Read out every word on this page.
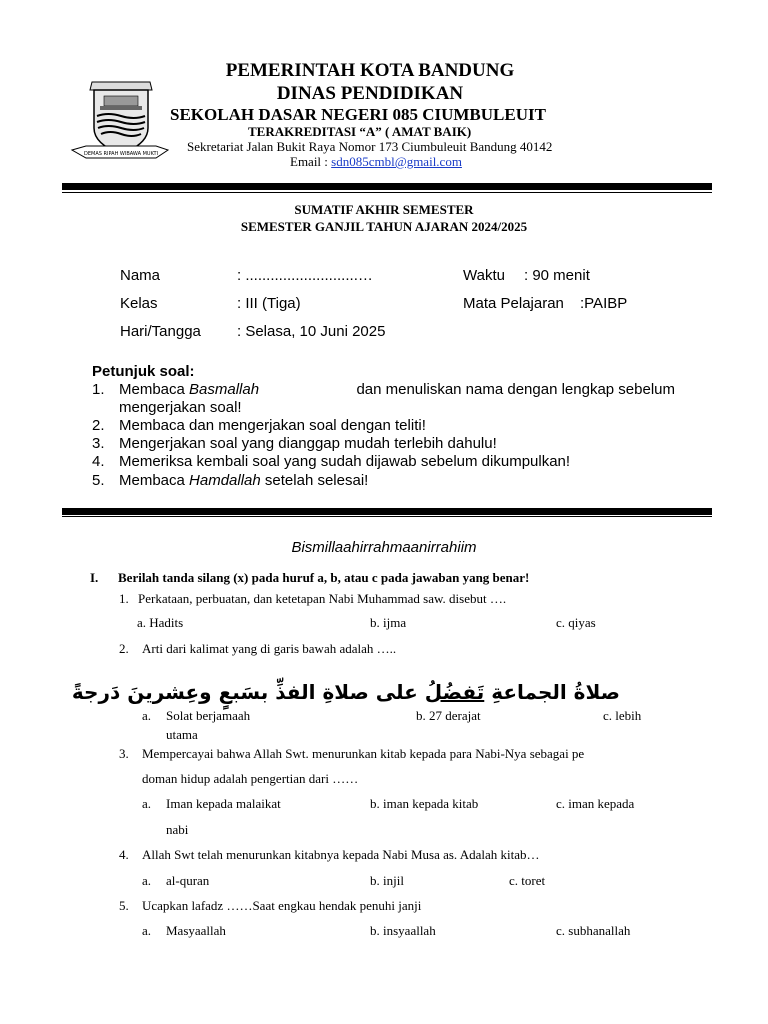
DEMAS RIPAH WIBAWA MUKTI
PEMERINTAH KOTA BANDUNG
DINAS PENDIDIKAN
SEKOLAH DASAR NEGERI 085 CIUMBULEUIT
TERAKREDITASI “A” ( AMAT BAIK)
Sekretariat Jalan Bukit Raya Nomor 173 Ciumbuleuit Bandung 40142
Email : sdn085cmbl@gmail.com
SUMATIF AKHIR SEMESTER
SEMESTER GANJIL TAHUN AJARAN 2024/2025
Nama	: ...........................…	Waktu : 90 menit
Kelas	: III (Tiga)	Mata Pelajaran :PAIBP
Hari/Tangga : Selasa, 10 Juni 2025
Petunjuk soal:
1. Membaca Basmallah	dan menuliskan nama dengan lengkap sebelum
mengerjakan soal!
2. Membaca dan mengerjakan soal dengan teliti!
3. Mengerjakan soal yang dianggap mudah terlebih dahulu!
4. Memeriksa kembali soal yang sudah dijawab sebelum dikumpulkan!
5. Membaca Hamdallah setelah selesai!
Bismillaahirrahmaanirrahiim
I. Berilah tanda silang (x) pada huruf a, b, atau c pada jawaban yang benar!
1. Perkataan, perbuatan, dan ketetapan Nabi Muhammad saw. disebut ….
a. Hadits	b. ijma	c. qiyas
2. Arti dari kalimat yang di garis bawah adalah …..
صلاةُ الجماعةِ تَفضُلُ على صلاةِ الفذِّ بسَبعٍ وعِشرينَ دَرجةً
a. Solat berjamaah	b. 27 derajat	c. lebih
utama
3. Mempercayai bahwa Allah Swt. menurunkan kitab kepada para Nabi-Nya sebagai pe
doman hidup adalah pengertian dari ……
a. Iman kepada malaikat	b. iman kepada kitab	c. iman kepada
nabi
4. Allah Swt telah menurunkan kitabnya kepada Nabi Musa as. Adalah kitab…
a. al-quran	b. injil	c. toret
5. Ucapkan lafadz ……Saat engkau hendak penuhi janji
a. Masyaallah	b. insyaallah	c. subhanallah
